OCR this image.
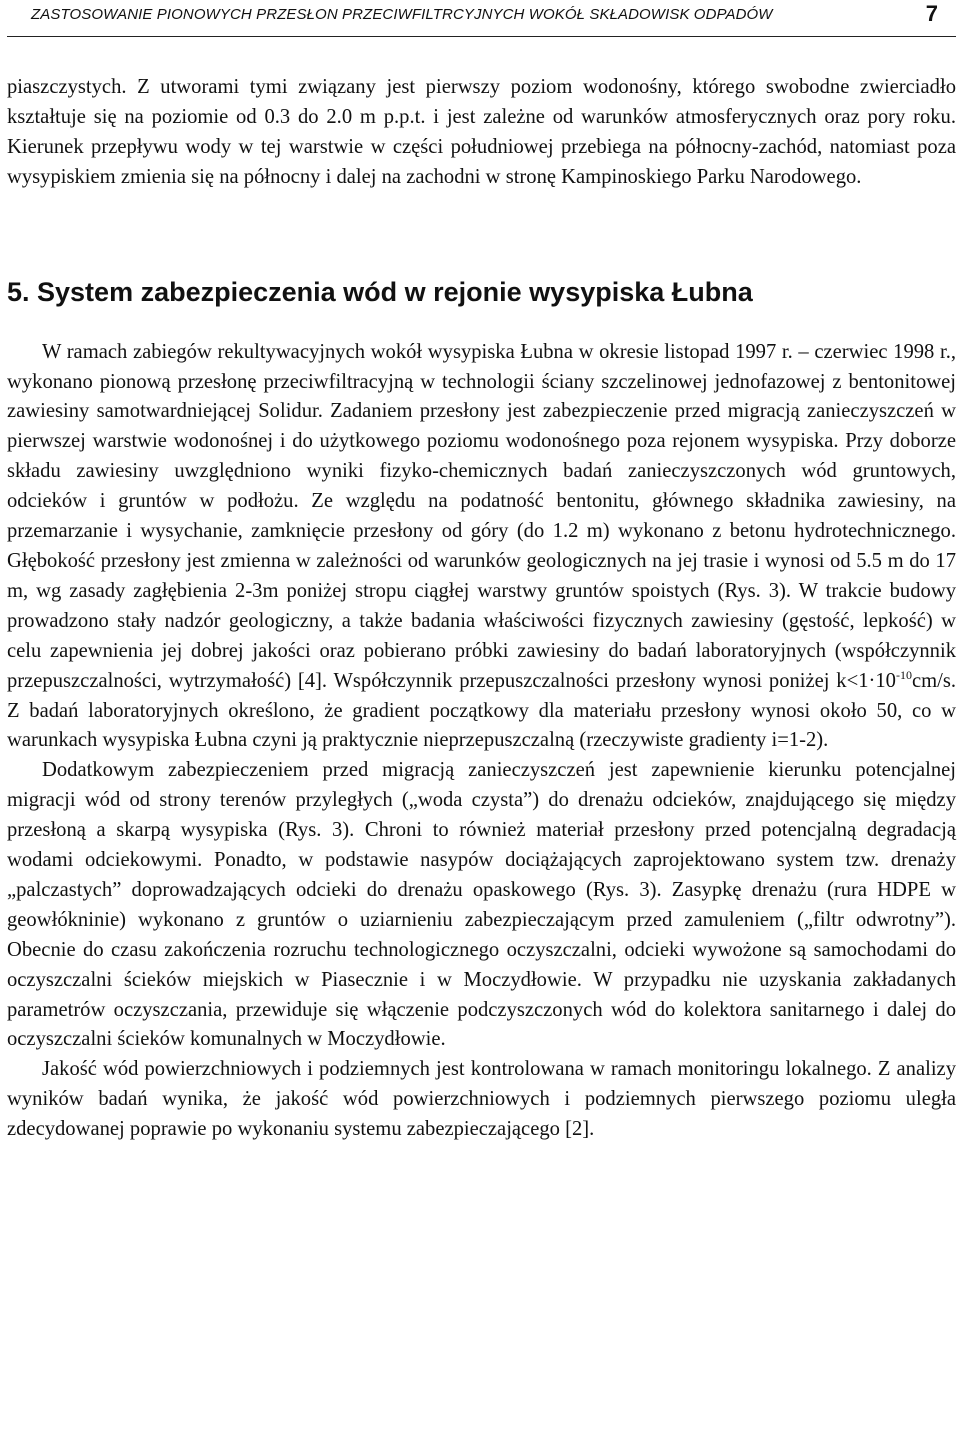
ZASTOSOWANIE PIONOWYCH PRZESŁON PRZECIWFILTRCYJNYCH WOKÓŁ SKŁADOWISK ODPADÓW	7

piaszczystych. Z utworami tymi związany jest pierwszy poziom wodonośny, którego swobodne zwierciadło kształtuje się na poziomie od 0.3 do 2.0 m p.p.t. i jest zależne od warunków atmosferycznych oraz pory roku. Kierunek przepływu wody w tej warstwie w części południowej przebiega na północny-zachód, natomiast poza wysypiskiem zmienia się na północny i dalej na zachodni w stronę Kampinoskiego Parku Narodowego.

5. System zabezpieczenia wód w rejonie wysypiska Łubna

W ramach zabiegów rekultywacyjnych wokół wysypiska Łubna w okresie listopad 1997 r. – czerwiec 1998 r., wykonano pionową przesłonę przeciwfiltracyjną w technologii ściany szczelinowej jednofazowej z bentonitowej zawiesiny samotwardniejącej Solidur. Zadaniem przesłony jest zabezpieczenie przed migracją zanieczyszczeń w pierwszej warstwie wodonośnej i do użytkowego poziomu wodonośnego poza rejonem wysypiska. Przy doborze składu zawiesiny uwzględniono wyniki fizyko-chemicznych badań zanieczyszczonych wód gruntowych, odcieków i gruntów w podłożu. Ze względu na podatność bentonitu, głównego składnika zawiesiny, na przemarzanie i wysychanie, zamknięcie przesłony od góry (do 1.2 m) wykonano z betonu hydrotechnicznego. Głębokość przesłony jest zmienna w zależności od warunków geologicznych na jej trasie i wynosi od 5.5 m do 17 m, wg zasady zagłębienia 2-3m poniżej stropu ciągłej warstwy gruntów spoistych (Rys. 3). W trakcie budowy prowadzono stały nadzór geologiczny, a także badania właściwości fizycznych zawiesiny (gęstość, lepkość) w celu zapewnienia jej dobrej jakości oraz pobierano próbki zawiesiny do badań laboratoryjnych (współczynnik przepuszczalności, wytrzymałość) [4]. Współczynnik przepuszczalności przesłony wynosi poniżej $k<1\cdot 10^{-10}cm/s$. Z badań laboratoryjnych określono, że gradient początkowy dla materiału przesłony wynosi około 50, co w warunkach wysypiska Łubna czyni ją praktycznie nieprzepuszczalną (rzeczywiste gradienty i=1-2).

Dodatkowym zabezpieczeniem przed migracją zanieczyszczeń jest zapewnienie kierunku potencjalnej migracji wód od strony terenów przyległych („woda czysta”) do drenażu odcieków, znajdującego się między przesłoną a skarpą wysypiska (Rys. 3). Chroni to również materiał przesłony przed potencjalną degradacją wodami odciekowymi. Ponadto, w podstawie nasypów dociążających zaprojektowano system tzw. drenaży „palczastych” doprowadzających odcieki do drenażu opaskowego (Rys. 3). Zasypkę drenażu (rura HDPE w geowłókninie) wykonano z gruntów o uziarnieniu zabezpieczającym przed zamuleniem („filtr odwrotny”). Obecnie do czasu zakończenia rozruchu technologicznego oczyszczalni, odcieki wywożone są samochodami do oczyszczalni ścieków miejskich w Piasecznie i w Moczydłowie. W przypadku nie uzyskania zakładanych parametrów oczyszczania, przewiduje się włączenie podczyszczonych wód do kolektora sanitarnego i dalej do oczyszczalni ścieków komunalnych w Moczydłowie.

Jakość wód powierzchniowych i podziemnych jest kontrolowana w ramach monitoringu lokalnego. Z analizy wyników badań wynika, że jakość wód powierzchniowych i podziemnych pierwszego poziomu uległa zdecydowanej poprawie po wykonaniu systemu zabezpieczającego [2].
